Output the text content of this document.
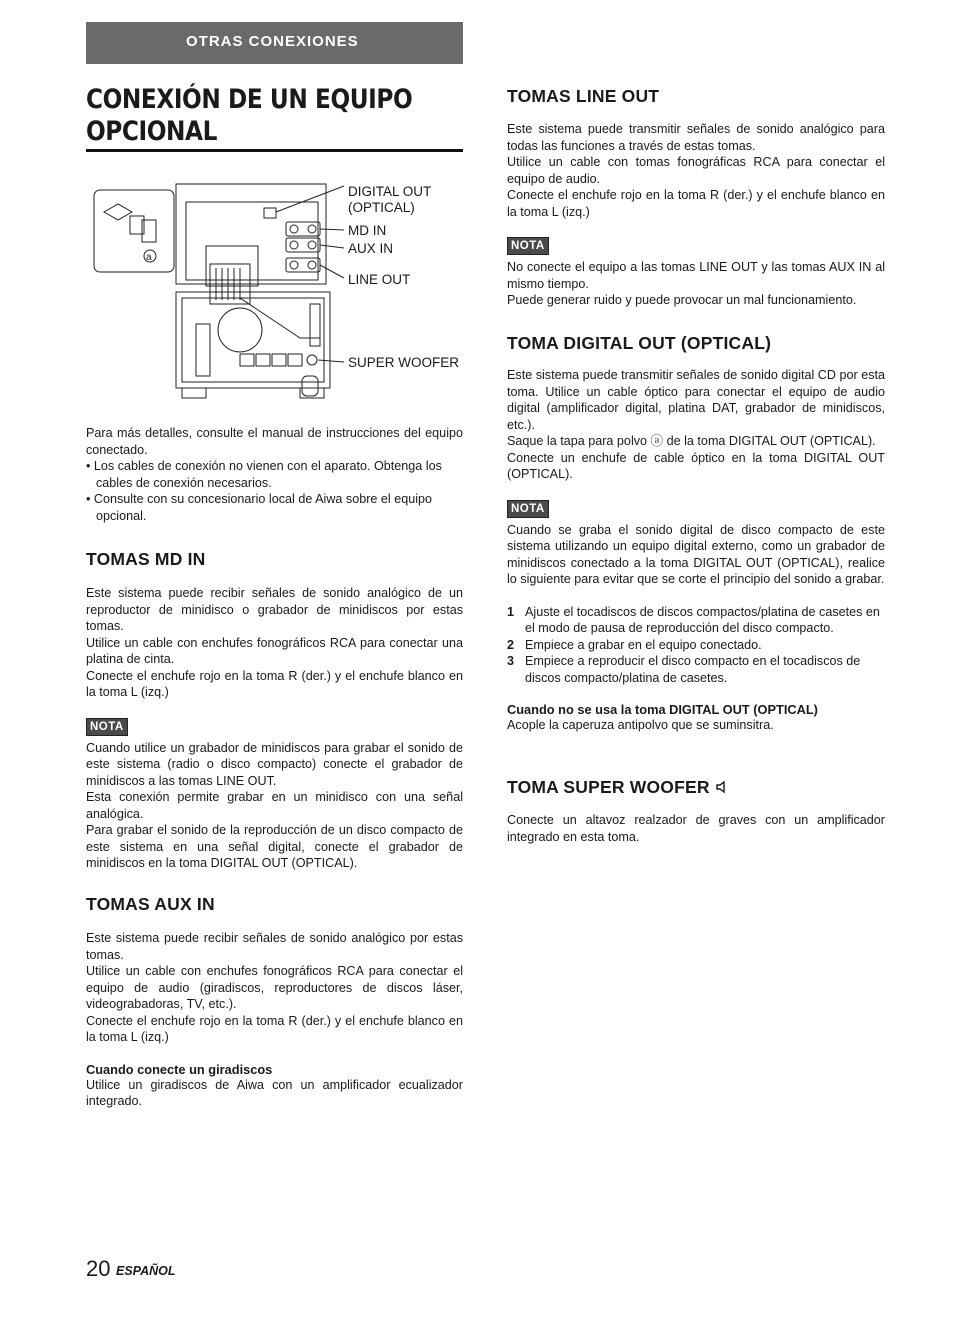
OTRAS CONEXIONES
CONEXIÓN DE UN EQUIPO
OPCIONAL
DIGITAL OUT
(OPTICAL)
MD IN
AUX IN
LINE OUT
SUPER WOOFER
a

Para más detalles, consulte el manual de instrucciones del equipo conectado.

• Los cables de conexión no vienen con el aparato. Obtenga los cables de conexión necesarios.
• Consulte con su concesionario local de Aiwa sobre el equipo opcional.
TOMAS MD IN

Este sistema puede recibir señales de sonido analógico de un reproductor de minidisco o grabador de minidiscos por estas tomas.

Utilice un cable con enchufes fonográficos RCA para conectar una platina de cinta.

Conecte el enchufe rojo en la toma R (der.) y el enchufe blanco en la toma L (izq.)

NOTA

Cuando utilice un grabador de minidiscos para grabar el sonido de este sistema (radio o disco compacto) conecte el grabador de minidiscos a las tomas LINE OUT.

Esta conexión permite grabar en un minidisco con una señal analógica.

Para grabar el sonido de la reproducción de un disco compacto de este sistema en una señal digital, conecte el grabador de minidiscos en la toma DIGITAL OUT (OPTICAL).

TOMAS AUX IN

Este sistema puede recibir señales de sonido analógico por estas tomas.

Utilice un cable con enchufes fonográficos RCA para conectar el equipo de audio (giradiscos, reproductores de discos láser, videograbadoras, TV, etc.).

Conecte el enchufe rojo en la toma R (der.) y el enchufe blanco en la toma L (izq.)

Cuando conecte un giradiscos

Utilice un giradiscos de Aiwa con un amplificador ecualizador integrado.

TOMAS LINE OUT

Este sistema puede transmitir señales de sonido analógico para todas las funciones a través de estas tomas.

Utilice un cable con tomas fonográficas RCA para conectar el equipo de audio.

Conecte el enchufe rojo en la toma R (der.) y el enchufe blanco en la toma L (izq.)

NOTA

No conecte el equipo a las tomas LINE OUT y las tomas AUX IN al mismo tiempo.

Puede generar ruido y puede provocar un mal funcionamiento.

TOMA DIGITAL OUT (OPTICAL)

Este sistema puede transmitir señales de sonido digital CD por esta toma. Utilice un cable óptico para conectar el equipo de audio digital (amplificador digital, platina DAT, grabador de minidiscos, etc.).

Saque la tapa para polvo ⓐ de la toma DIGITAL OUT (OPTICAL).

Conecte un enchufe de cable óptico en la toma DIGITAL OUT (OPTICAL).

NOTA

Cuando se graba el sonido digital de disco compacto de este sistema utilizando un equipo digital externo, como un grabador de minidiscos conectado a la toma DIGITAL OUT (OPTICAL), realice lo siguiente para evitar que se corte el principio del sonido a grabar.

1 Ajuste el tocadiscos de discos compactos/platina de casetes en el modo de pausa de reproducción del disco compacto.
2 Empiece a grabar en el equipo conectado.
3 Empiece a reproducir el disco compacto en el tocadiscos de discos compacto/platina de casetes.
Cuando no se usa la toma DIGITAL OUT (OPTICAL)

Acople la caperuza antipolvo que se suminsitra.

TOMA SUPER WOOFER

Conecte un altavoz realzador de graves con un amplificador integrado en esta toma.

20 ESPAÑOL
